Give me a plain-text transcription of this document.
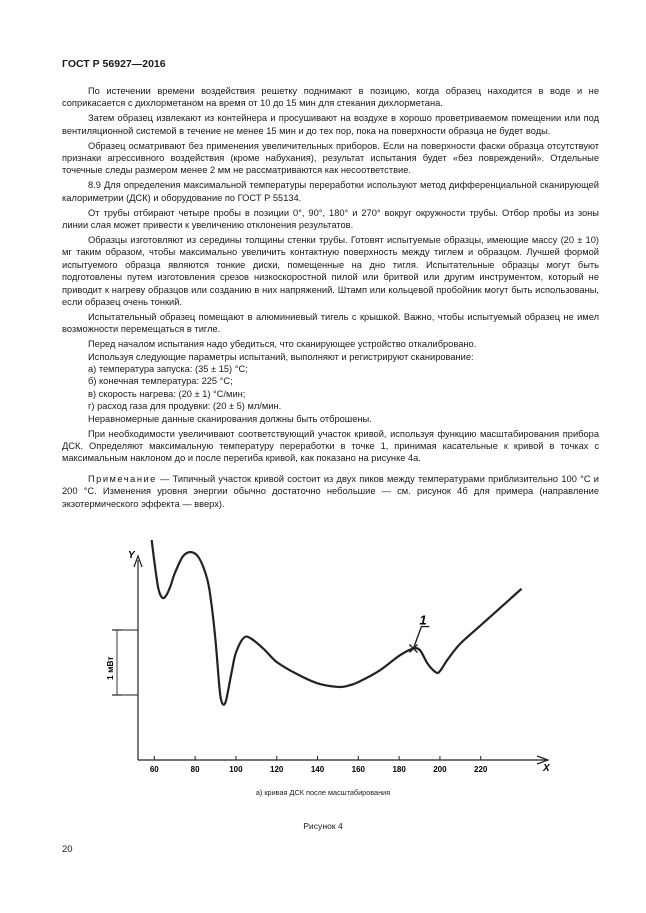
ГОСТ Р 56927—2016

По истечении времени воздействия решетку поднимают в позицию, когда образец находится в воде и не соприкасается с дихлорметаном на время от 10 до 15 мин для стекания дихлорметана.

Затем образец извлекают из контейнера и просушивают на воздухе в хорошо проветриваемом помещении или под вентиляционной системой в течение не менее 15 мин и до тех пор, пока на поверхности образца не будет воды.

Образец осматривают без применения увеличительных приборов. Если на поверхности фаски образца отсутствуют признаки агрессивного воздействия (кроме набухания), результат испытания будет «без повреждений». Отдельные точечные следы размером менее 2 мм не рассматриваются как несоответствие.

8.9 Для определения максимальной температуры переработки используют метод дифференциальной сканирующей калориметрии (ДСК) и оборудование по ГОСТ Р 55134.

От трубы отбирают четыре пробы в позиции 0°, 90°, 180° и 270° вокруг окружности трубы. Отбор пробы из зоны линии слая может привести к увеличению отклонения результатов.

Образцы изготовляют из середины толщины стенки трубы. Готовят испытуемые образцы, имеющие массу (20 ± 10) мг таким образом, чтобы максимально увеличить контактную поверхность между тиглем и образцом. Лучшей формой испытуемого образца являются тонкие диски, помещенные на дно тигля. Испытательные образцы могут быть подготовлены путем изготовления срезов низкоскоростной пилой или бритвой или другим инструментом, который не приводит к нагреву образцов или созданию в них напряжений. Штамп или кольцевой пробойник могут быть использованы, если образец очень тонкий.

Испытательный образец помещают в алюминиевый тигель с крышкой. Важно, чтобы испытуемый образец не имел возможности перемещаться в тигле.

Перед началом испытания надо убедиться, что сканирующее устройство откалибровано.

Используя следующие параметры испытаний, выполняют и регистрируют сканирование:

а) температура запуска: (35 ± 15) °С;

б) конечная температура: 225 °С;

в) скорость нагрева: (20 ± 1) °С/мин;

г) расход газа для продувки: (20 ± 5) мл/мин.

Неравномерные данные сканирования должны быть отброшены.

При необходимости увеличивают соответствующий участок кривой, используя функцию масштабирования прибора ДСК. Определяют максимальную температуру переработки в точке 1, принимая касательные к кривой в точках с максимальным наклоном до и после перегиба кривой, как показано на рисунке 4а.

Примечание — Типичный участок кривой состоит из двух пиков между температурами приблизительно 100 °С и 200 °С. Изменения уровня энергии обычно достаточно небольшие — см. рисунок 4б для примера (направление экзотермического эффекта — вверх).

Y
X
1 мВт
60	80	100	120	140	160	180	200	220
1
а) кривая ДСК после масштабирования
Рисунок 4
20
